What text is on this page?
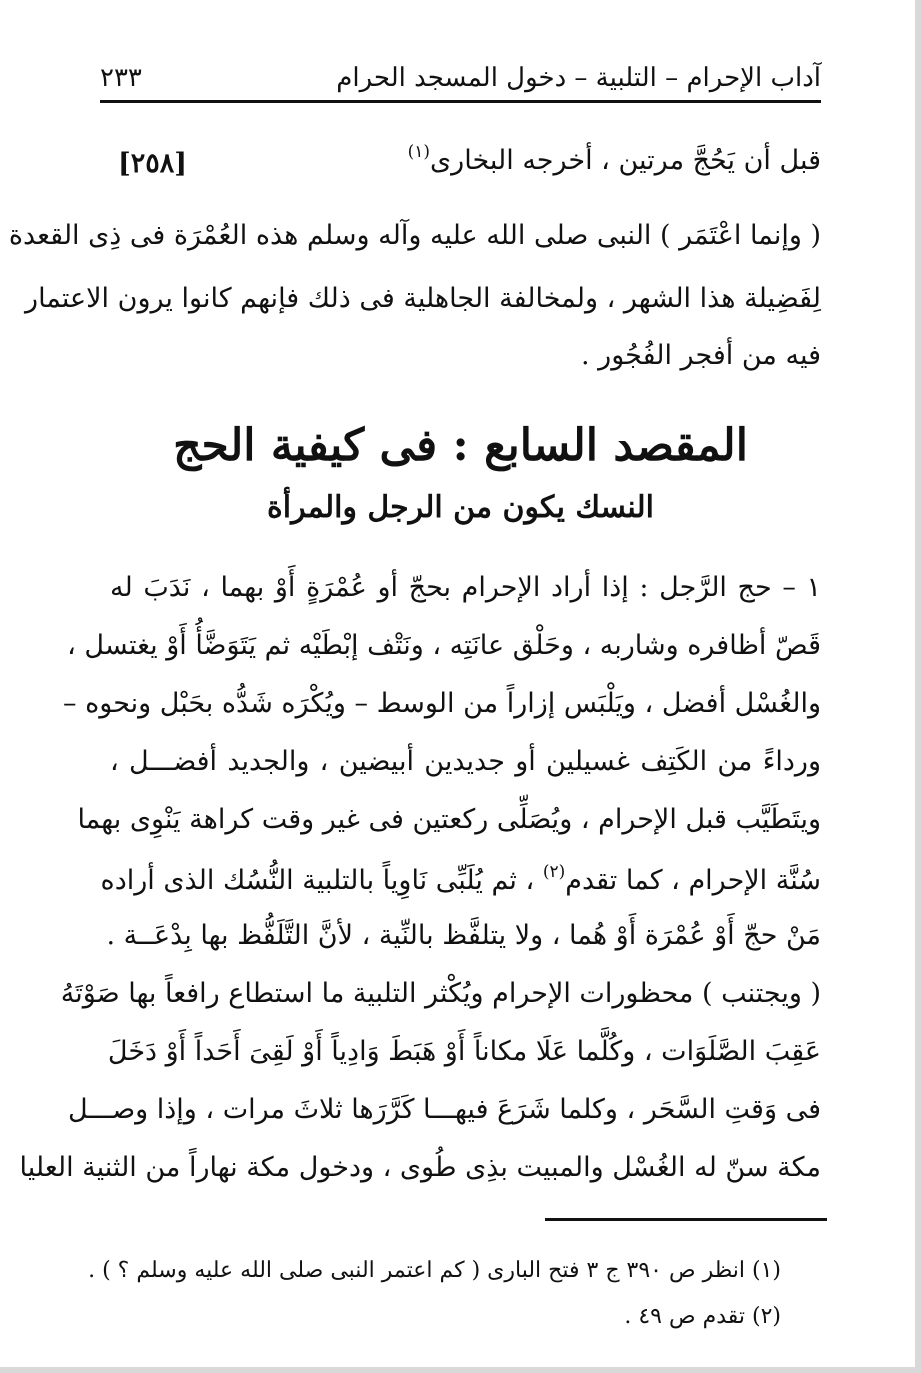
آداب الإحرام – التلبية – دخول المسجد الحرام
٢٣٣
قبل أن يَحُجَّ مرتين ، أخرجه البخارى$^{(١)}$
[٢٥٨]
( وإنما اعْتَمَر ) النبى صلى الله عليه وآله وسلم هذه العُمْرَة فى ذِى القعدة
لِفَضِيلة هذا الشهر ، ولمخالفة الجاهلية فى ذلك فإنهم كانوا يرون الاعتمار
فيه من أفجر الفُجُور .
المقصد السابع : فى كيفية الحج
النسك يكون من الرجل والمرأة
١ – حج الرَّجل : إذا أراد الإحرام بحجّ أو عُمْرَةٍ أَوْ بهما ، نَدَبَ له
قَصّ أظافره وشاربه ، وحَلْق عانَتِه ، ونَتْف إبْطَيْه ثم يَتَوَضَّأُ أَوْ يغتسل ،
والغُسْل أفضل ، ويَلْبَس إزاراً من الوسط – ويُكْرَه شَدُّه بحَبْل ونحوه –
ورداءً من الكَتِف غسيلين أو جديدين أبيضين ، والجديد أفضـــل ،
ويتَطَيَّب قبل الإحرام ، ويُصَلِّى ركعتين فى غير وقت كراهة يَنْوِى بهما
سُنَّة الإحرام ، كما تقدم$^{(٢)}$ ، ثم يُلَبِّى نَاوِياً بالتلبية النُّسُك الذى أراده
مَنْ حجّ أَوْ عُمْرَة أَوْ هُما ، ولا يتلفَّظ بالنِّية ، لأنَّ التَّلَفُّظ بها بِدْعَــة .
( ويجتنب ) محظورات الإحرام ويُكْثر التلبية ما استطاع رافعاً بها صَوْتَهُ
عَقِبَ الصَّلَوَات ، وكُلَّما عَلَا مكاناً أَوْ هَبَطَ وَادِياً أَوْ لَقِىَ أَحَداً أَوْ دَخَلَ
فى وَقتِ السَّحَر ، وكلما شَرَعَ فيهـــا كَرَّرَها ثلاثَ مرات ، وإذا وصـــل
مكة سنّ له الغُسْل والمبيت بذِى طُوى ، ودخول مكة نهاراً من الثنية العليا
(١) انظر ص ٣٩٠ ج ٣ فتح البارى ( كم اعتمر النبى صلى الله عليه وسلم ؟ ) .
(٢) تقدم ص ٤٩ .
